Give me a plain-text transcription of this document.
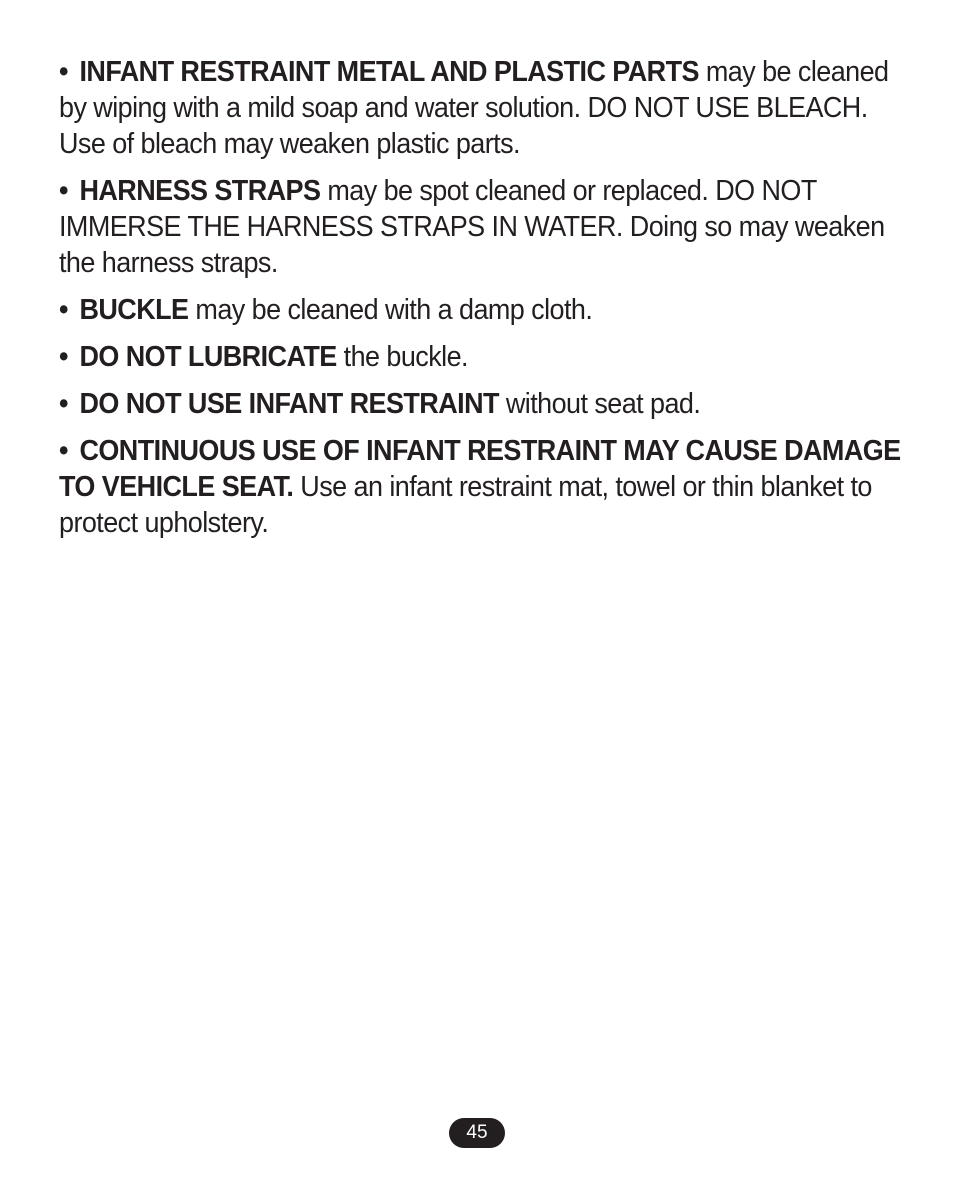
• INFANT RESTRAINT METAL AND PLASTIC PARTS may be cleaned by wiping with a mild soap and water solution. DO NOT USE BLEACH. Use of bleach may weaken plastic parts.

• HARNESS STRAPS may be spot cleaned or replaced. DO NOT IMMERSE THE HARNESS STRAPS IN WATER. Doing so may weaken the harness straps.

• BUCKLE may be cleaned with a damp cloth.

• DO NOT LUBRICATE the buckle.

• DO NOT USE INFANT RESTRAINT without seat pad.

• CONTINUOUS USE OF INFANT RESTRAINT MAY CAUSE DAMAGE TO VEHICLE SEAT. Use an infant restraint mat, towel or thin blanket to protect upholstery.

45
